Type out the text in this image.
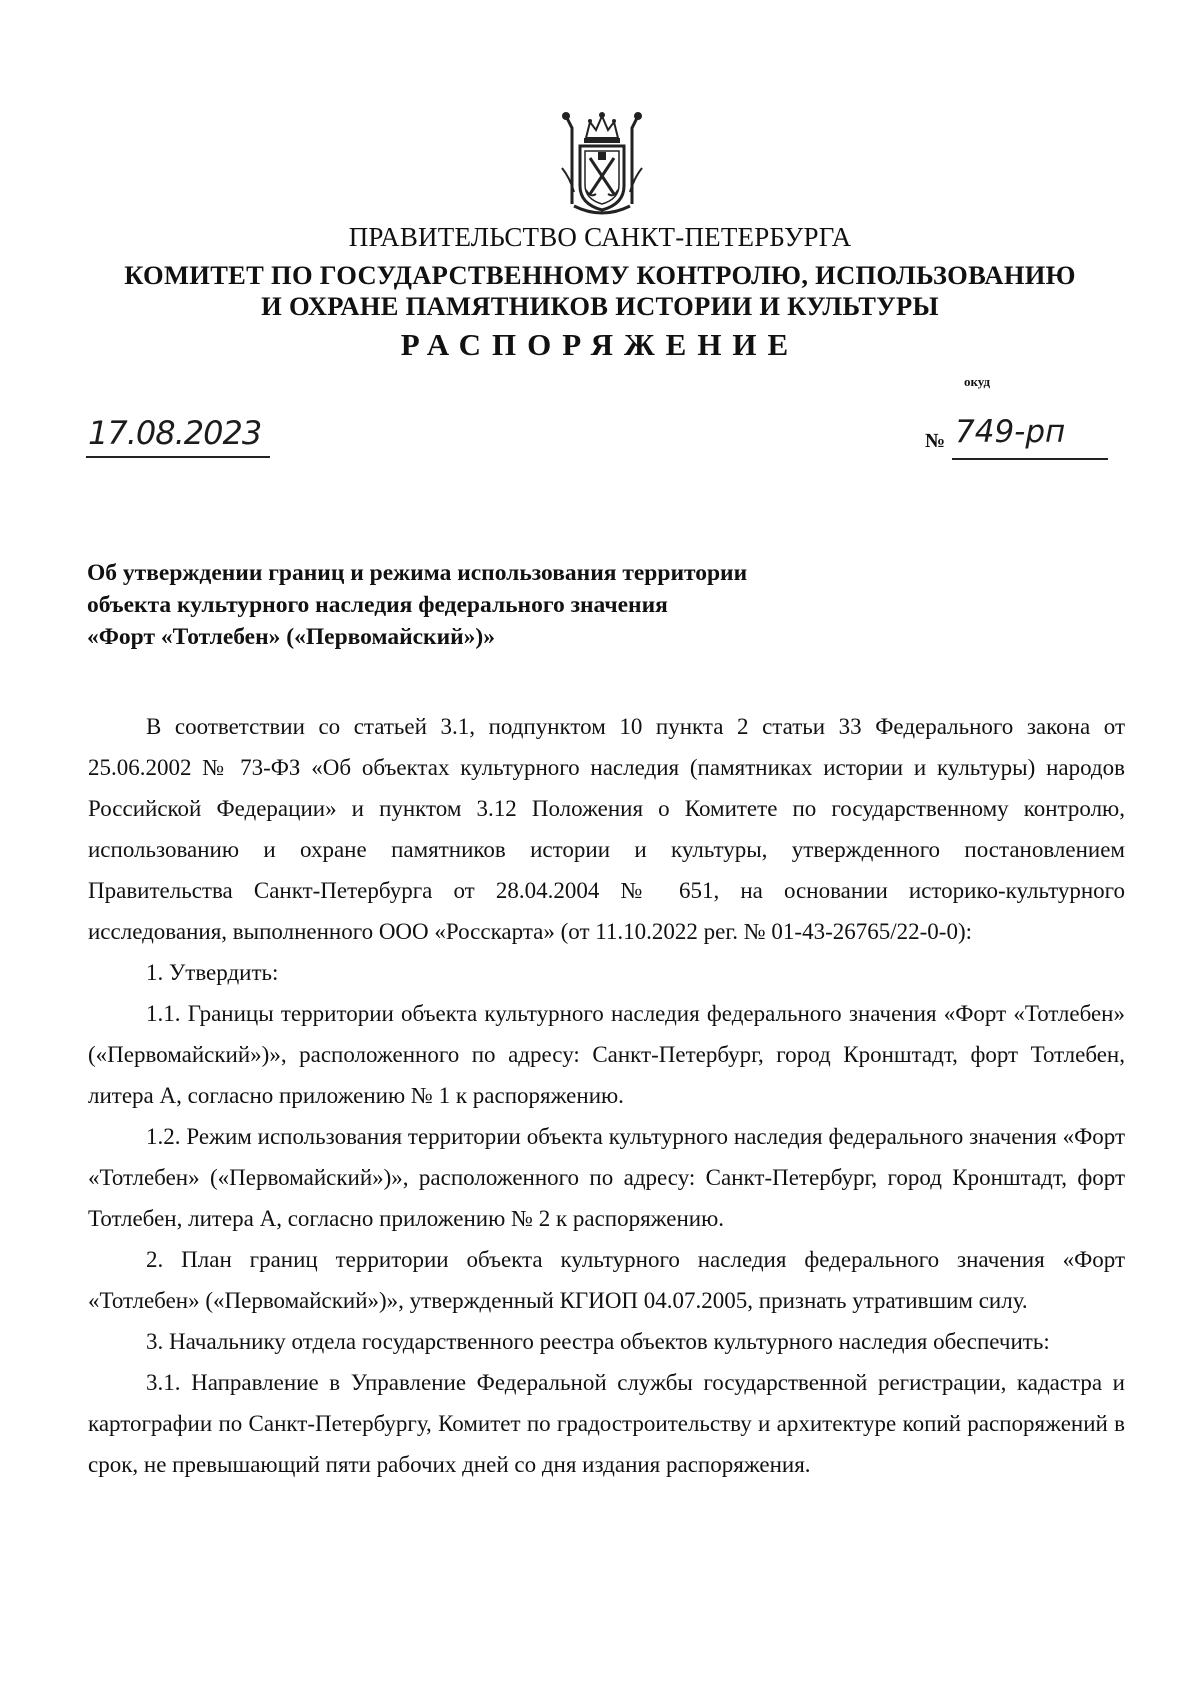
ПРАВИТЕЛЬСТВО САНКТ-ПЕТЕРБУРГА
КОМИТЕТ ПО ГОСУДАРСТВЕННОМУ КОНТРОЛЮ, ИСПОЛЬЗОВАНИЮ
И ОХРАНЕ ПАМЯТНИКОВ ИСТОРИИ И КУЛЬТУРЫ
РАСПОРЯЖЕНИЕ
окуд
17.08.2023	№ 749-рп
Об утверждении границ и режима использования территории
объекта культурного наследия федерального значения
«Форт «Тотлебен» («Первомайский»)»

В соответствии со статьей 3.1, подпунктом 10 пункта 2 статьи 33 Федерального закона от 25.06.2002 № 73-ФЗ «Об объектах культурного наследия (памятниках истории и культуры) народов Российской Федерации» и пунктом 3.12 Положения о Комитете по государственному контролю, использованию и охране памятников истории и культуры, утвержденного постановлением Правительства Санкт-Петербурга от 28.04.2004 № 651, на основании историко-культурного исследования, выполненного ООО «Росскарта» (от 11.10.2022 рег. № 01-43-26765/22-0-0):

1. Утвердить:

1.1. Границы территории объекта культурного наследия федерального значения «Форт «Тотлебен» («Первомайский»)», расположенного по адресу: Санкт-Петербург, город Кронштадт, форт Тотлебен, литера А, согласно приложению № 1 к распоряжению.

1.2. Режим использования территории объекта культурного наследия федерального значения «Форт «Тотлебен» («Первомайский»)», расположенного по адресу: Санкт-Петербург, город Кронштадт, форт Тотлебен, литера А, согласно приложению № 2 к распоряжению.

2. План границ территории объекта культурного наследия федерального значения «Форт «Тотлебен» («Первомайский»)», утвержденный КГИОП 04.07.2005, признать утратившим силу.

3. Начальнику отдела государственного реестра объектов культурного наследия обеспечить:

3.1. Направление в Управление Федеральной службы государственной регистрации, кадастра и картографии по Санкт-Петербургу, Комитет по градостроительству и архитектуре копий распоряжений в срок, не превышающий пяти рабочих дней со дня издания распоряжения.
